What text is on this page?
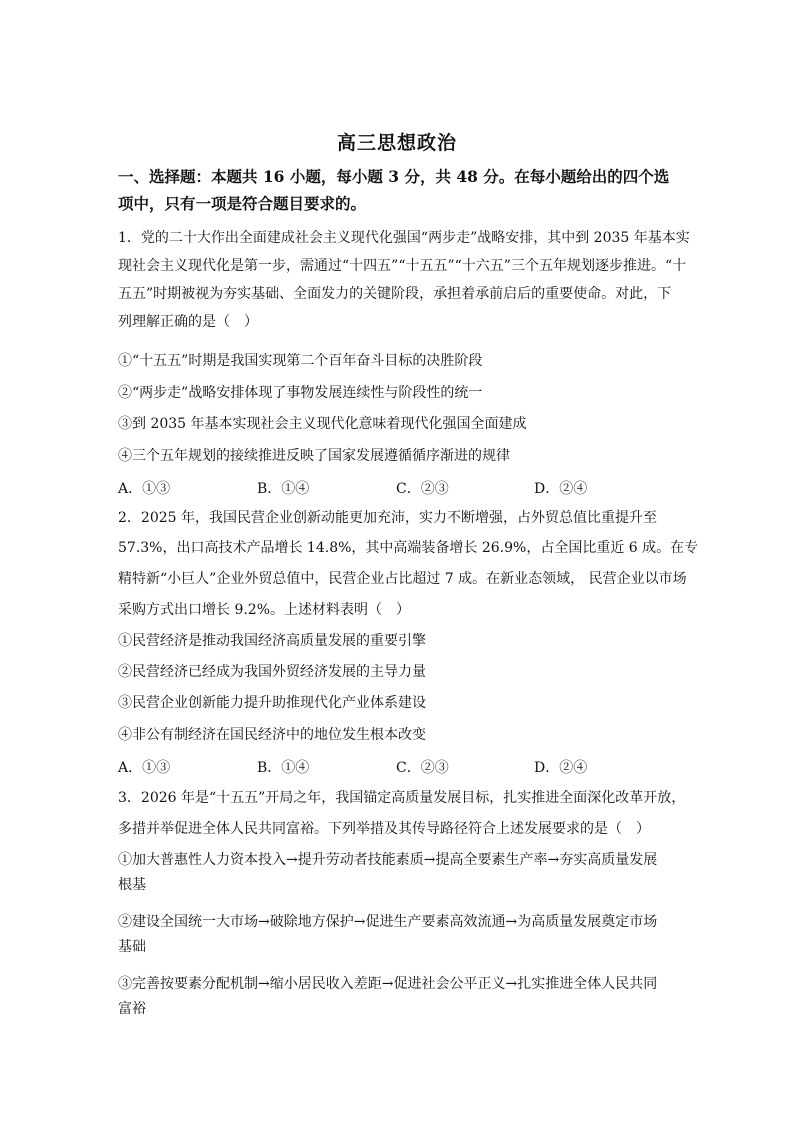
高三思想政治
一、选择题：本题共 16 小题，每小题 3 分，共 48 分。在每小题给出的四个选
项中，只有一项是符合题目要求的。
1．党的二十大作出全面建成社会主义现代化强国“两步走”战略安排，其中到 2035 年基本实
现社会主义现代化是第一步，需通过“十四五”“十五五”“十六五”三个五年规划逐步推进。“十
五五”时期被视为夯实基础、全面发力的关键阶段，承担着承前启后的重要使命。对此，下
列理解正确的是（　）
①“十五五”时期是我国实现第二个百年奋斗目标的决胜阶段
②“两步走”战略安排体现了事物发展连续性与阶段性的统一
③到 2035 年基本实现社会主义现代化意味着现代化强国全面建成
④三个五年规划的接续推进反映了国家发展遵循循序渐进的规律
A．①③	B．①④	C．②③	D．②④
2．2025 年，我国民营企业创新动能更加充沛，实力不断增强，占外贸总值比重提升至
57.3%，出口高技术产品增长 14.8%，其中高端装备增长 26.9%，占全国比重近 6 成。在专
精特新“小巨人”企业外贸总值中，民营企业占比超过 7 成。在新业态领域， 民营企业以市场
采购方式出口增长 9.2%。上述材料表明（　）
①民营经济是推动我国经济高质量发展的重要引擎
②民营经济已经成为我国外贸经济发展的主导力量
③民营企业创新能力提升助推现代化产业体系建设
④非公有制经济在国民经济中的地位发生根本改变
A．①③	B．①④	C．②③	D．②④
3．2026 年是“十五五”开局之年，我国锚定高质量发展目标，扎实推进全面深化改革开放，
多措并举促进全体人民共同富裕。下列举措及其传导路径符合上述发展要求的是（　）
①加大普惠性人力资本投入→提升劳动者技能素质→提高全要素生产率→夯实高质量发展
根基
②建设全国统一大市场→破除地方保护→促进生产要素高效流通→为高质量发展奠定市场
基础
③完善按要素分配机制→缩小居民收入差距→促进社会公平正义→扎实推进全体人民共同
富裕
